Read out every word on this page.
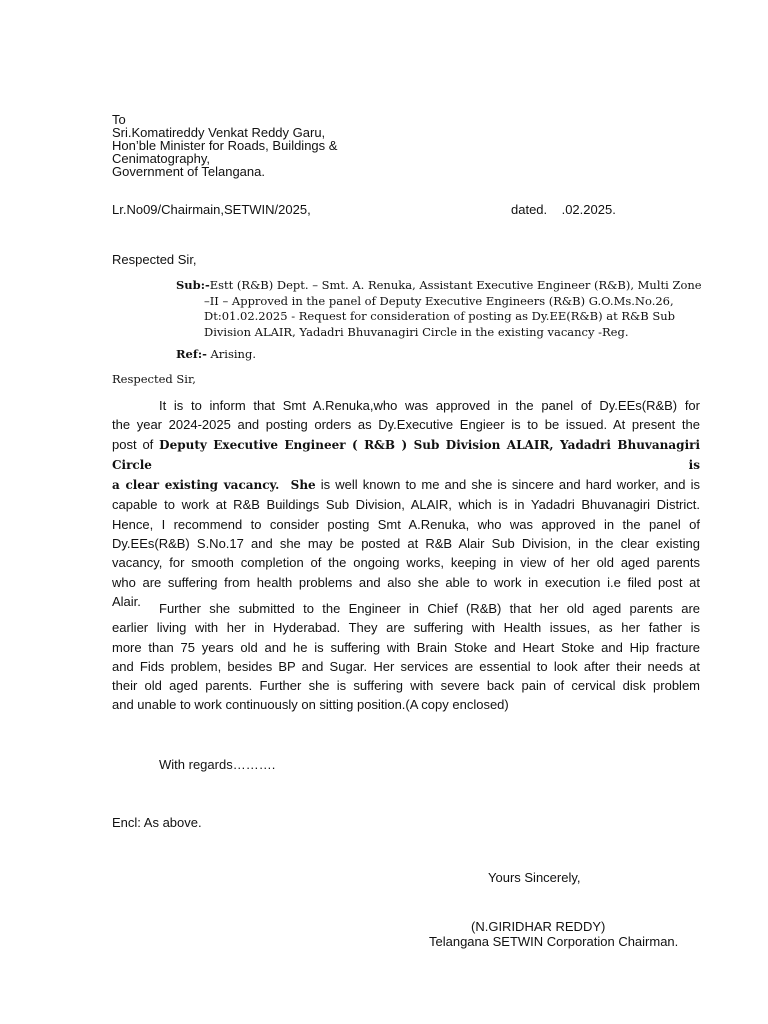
To
Sri.Komatireddy Venkat Reddy Garu,
Hon’ble Minister for Roads, Buildings &
Cenimatography,
Government of Telangana.
Lr.No09/Chairmain,SETWIN/2025,	dated.    .02.2025.
Respected Sir,
Sub:-Estt (R&B) Dept. – Smt. A. Renuka, Assistant Executive Engineer (R&B), Multi Zone
–II – Approved in the panel of Deputy Executive Engineers (R&B) G.O.Ms.No.26,
Dt:01.02.2025 - Request for consideration of posting as Dy.EE(R&B) at R&B Sub
Division ALAIR, Yadadri Bhuvanagiri Circle in the existing vacancy -Reg.
Ref:- Arising.
Respected Sir,
It is to inform that Smt A.Renuka,who was approved in the panel of Dy.EEs(R&B) for
the year 2024-2025 and posting orders as Dy.Executive Engieer is to be issued. At present the
post of Deputy Executive Engineer ( R&B ) Sub Division ALAIR, Yadadri Bhuvanagiri Circle is
a clear existing vacancy.  She is well known to me and she is sincere and hard worker, and is
capable to work at R&B Buildings Sub Division, ALAIR, which is in Yadadri Bhuvanagiri District.
Hence, I recommend to consider posting Smt A.Renuka, who was approved in the panel of
Dy.EEs(R&B) S.No.17 and she may be posted at R&B Alair Sub Division, in the clear existing
vacancy, for smooth completion of the ongoing works, keeping in view of her old aged parents
who are suffering from health problems and also she able to work in execution i.e filed post at
Alair.	Further she submitted to the Engineer in Chief (R&B) that her old aged parents are
earlier living with her in Hyderabad. They are suffering with Health issues, as her father is
more than 75 years old and he is suffering with Brain Stoke and Heart Stoke and Hip fracture
and Fids problem, besides BP and Sugar. Her services are essential to look after their needs at
their old aged parents. Further she is suffering with severe back pain of cervical disk problem
and unable to work continuously on sitting position.(A copy enclosed)
With regards……….
Encl: As above.
Yours Sincerely,
(N.GIRIDHAR REDDY)
Telangana SETWIN Corporation Chairman.
